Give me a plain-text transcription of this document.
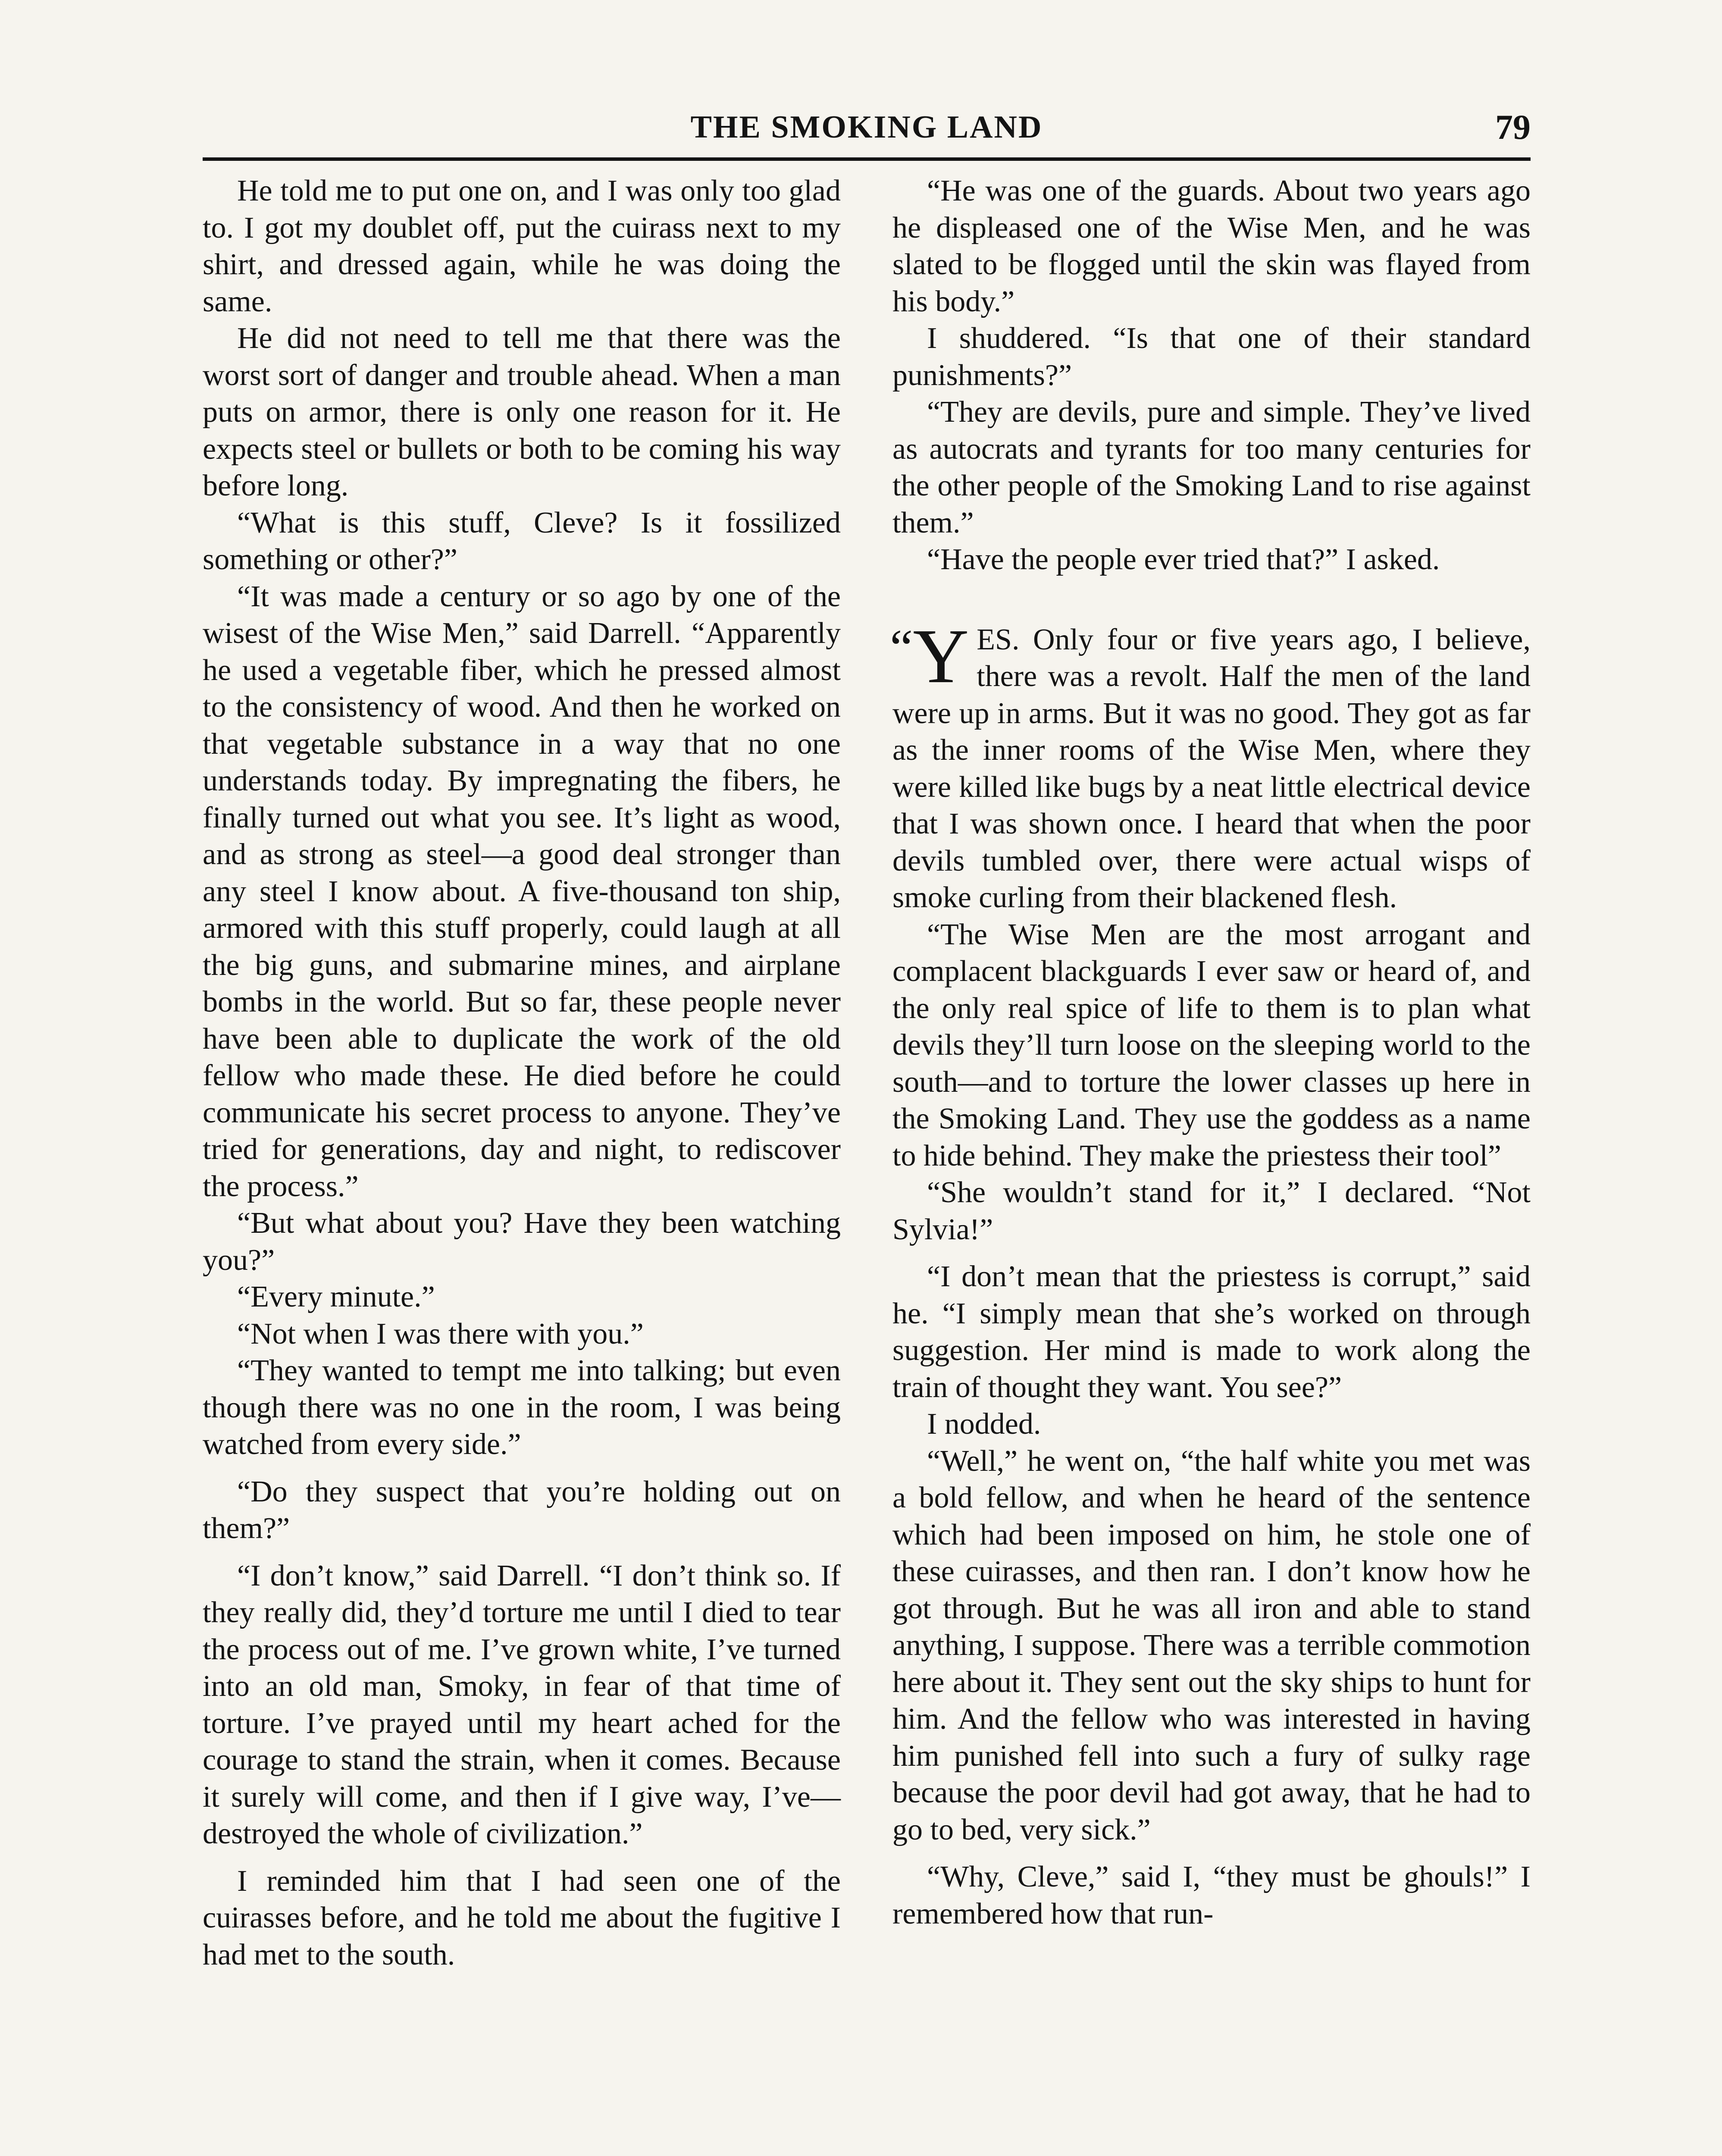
THE SMOKING LAND	79

He told me to put one on, and I was only too glad to. I got my doublet off, put the cuirass next to my shirt, and dressed again, while he was doing the same.

He did not need to tell me that there was the worst sort of danger and trouble ahead. When a man puts on armor, there is only one reason for it. He expects steel or bullets or both to be coming his way before long.

“What is this stuff, Cleve? Is it fossilized something or other?”

“It was made a century or so ago by one of the wisest of the Wise Men,” said Darrell. “Apparently he used a vegetable fiber, which he pressed almost to the consistency of wood. And then he worked on that vegetable substance in a way that no one understands today. By impregnating the fibers, he finally turned out what you see. It’s light as wood, and as strong as steel—a good deal stronger than any steel I know about. A five-thousand ton ship, armored with this stuff properly, could laugh at all the big guns, and submarine mines, and airplane bombs in the world. But so far, these people never have been able to duplicate the work of the old fellow who made these. He died before he could communicate his secret process to anyone. They’ve tried for generations, day and night, to rediscover the process.”

“But what about you? Have they been watching you?”

“Every minute.”

“Not when I was there with you.”

“They wanted to tempt me into talking; but even though there was no one in the room, I was being watched from every side.”

“Do they suspect that you’re holding out on them?”

“I don’t know,” said Darrell. “I don’t think so. If they really did, they’d torture me until I died to tear the process out of me. I’ve grown white, I’ve turned into an old man, Smoky, in fear of that time of torture. I’ve prayed until my heart ached for the courage to stand the strain, when it comes. Because it surely will come, and then if I give way, I’ve—destroyed the whole of civilization.”

I reminded him that I had seen one of the cuirasses before, and he told me about the fugitive I had met to the south.

“He was one of the guards. About two years ago he displeased one of the Wise Men, and he was slated to be flogged until the skin was flayed from his body.”

I shuddered. “Is that one of their standard punishments?”

“They are devils, pure and simple. They’ve lived as autocrats and tyrants for too many centuries for the other people of the Smoking Land to rise against them.”

“Have the people ever tried that?” I asked.

“Y ES. Only four or five years ago, I believe, there was a revolt. Half the men of the land were up in arms. But it was no good. They got as far as the inner rooms of the Wise Men, where they were killed like bugs by a neat little electrical device that I was shown once. I heard that when the poor devils tumbled over, there were actual wisps of smoke curling from their blackened flesh.

“The Wise Men are the most arrogant and complacent blackguards I ever saw or heard of, and the only real spice of life to them is to plan what devils they’ll turn loose on the sleeping world to the south—and to torture the lower classes up here in the Smoking Land. They use the goddess as a name to hide behind. They make the priestess their tool”

“She wouldn’t stand for it,” I declared. “Not Sylvia!”

“I don’t mean that the priestess is corrupt,” said he. “I simply mean that she’s worked on through suggestion. Her mind is made to work along the train of thought they want. You see?”

I nodded.

“Well,” he went on, “the half white you met was a bold fellow, and when he heard of the sentence which had been imposed on him, he stole one of these cuirasses, and then ran. I don’t know how he got through. But he was all iron and able to stand anything, I suppose. There was a terrible commotion here about it. They sent out the sky ships to hunt for him. And the fellow who was interested in having him punished fell into such a fury of sulky rage because the poor devil had got away, that he had to go to bed, very sick.”

“Why, Cleve,” said I, “they must be ghouls!” I remembered how that run-
